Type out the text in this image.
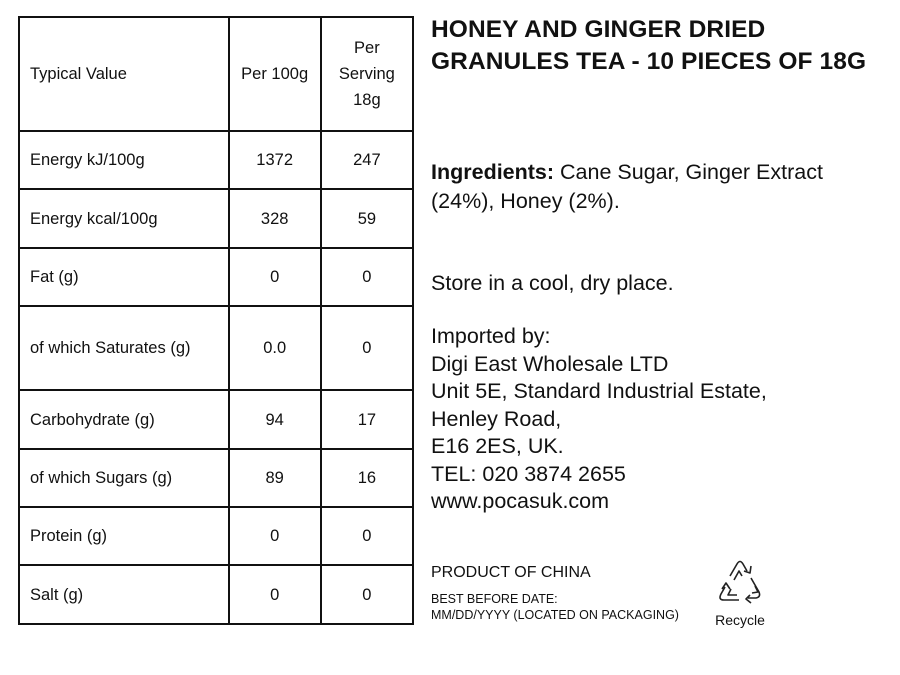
Typical Value	Per 100g	Per
Serving
18g

Energy kJ/100g	1372	247
Energy kcal/100g	328	59
Fat (g)	0	0
of which Saturates (g)	0.0	0
Carbohydrate (g)	94	17
of which Sugars (g)	89	16
Protein (g)	0	0
Salt (g)	0	0
HONEY AND GINGER DRIED GRANULES TEA - 10 PIECES OF 18G
Ingredients: Cane Sugar, Ginger Extract (24%), Honey (2%).
Store in a cool, dry place.
Imported by:
Digi East Wholesale LTD
Unit 5E, Standard Industrial Estate,
Henley Road,
E16 2ES, UK.
TEL: 020 3874 2655
www.pocasuk.com
PRODUCT OF CHINA
BEST BEFORE DATE:
MM/DD/YYYY (LOCATED ON PACKAGING)	Recycle
